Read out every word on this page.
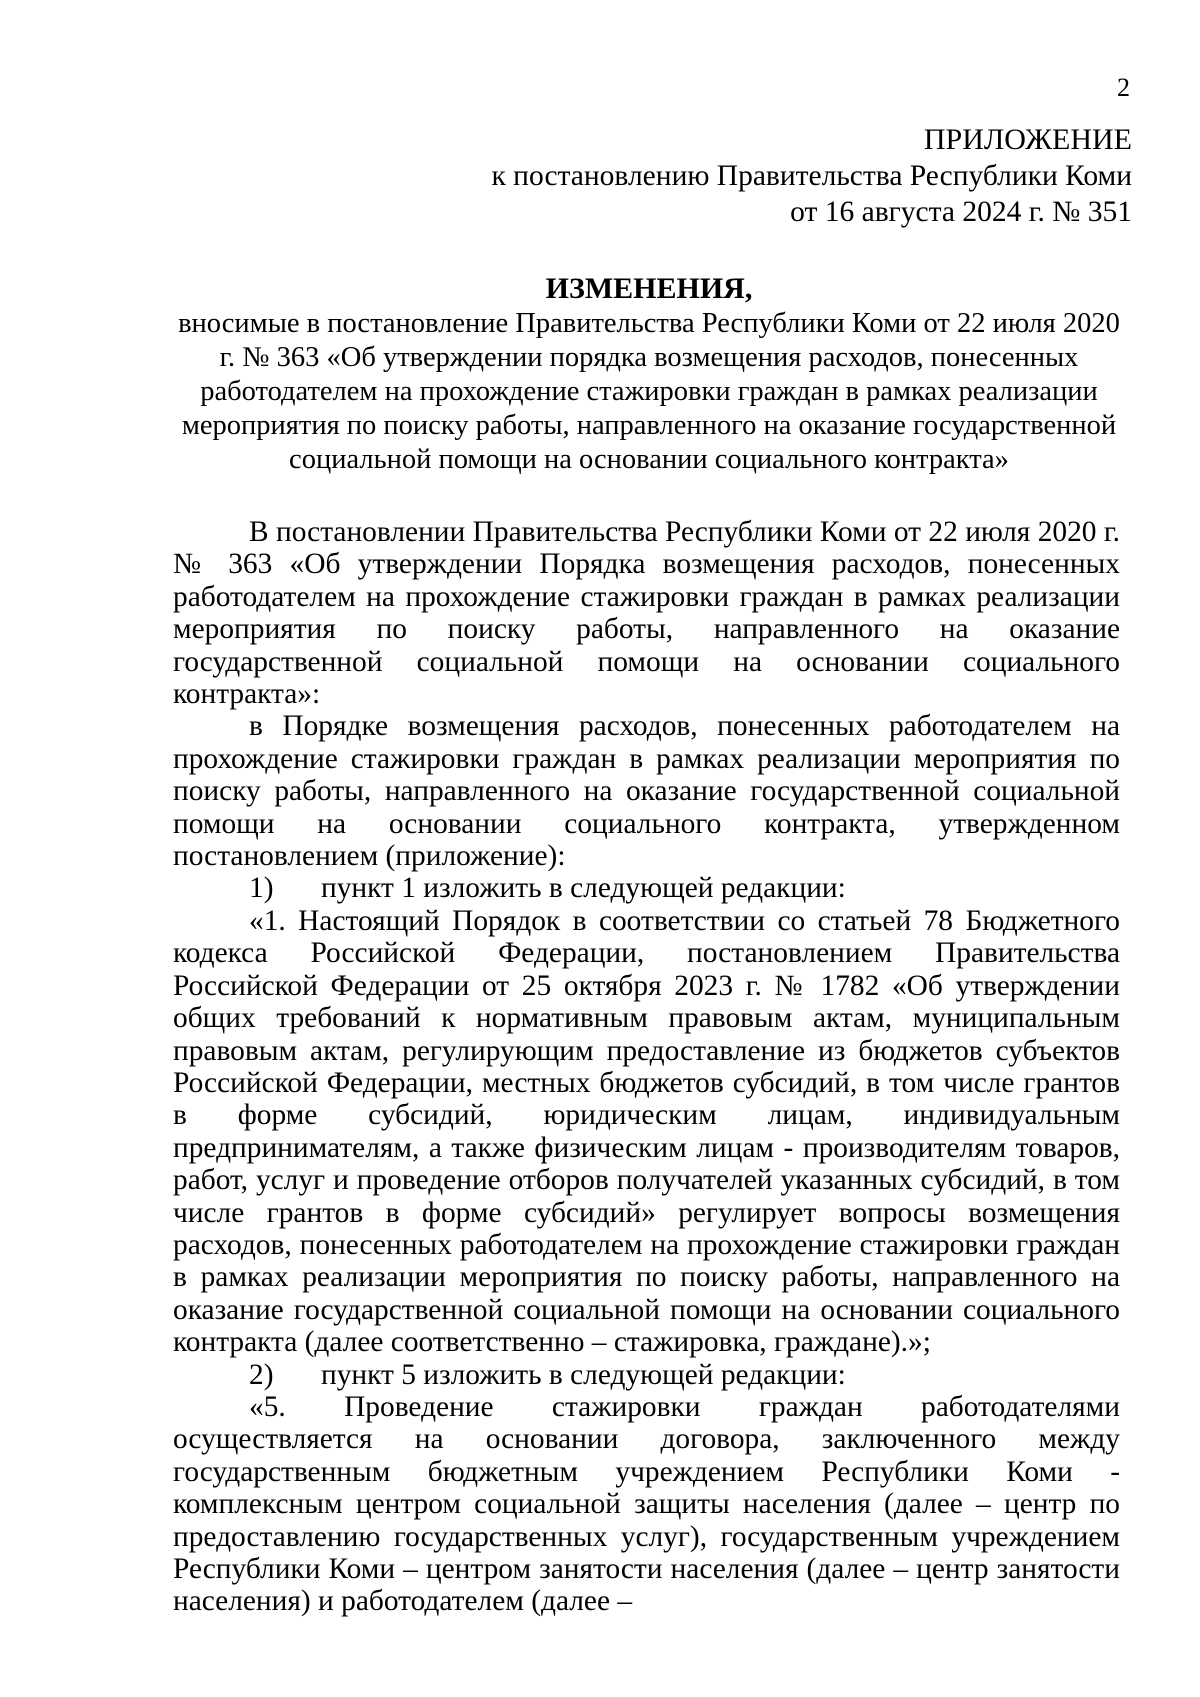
2
ПРИЛОЖЕНИЕ
к постановлению Правительства Республики Коми
от 16 августа 2024 г. № 351
ИЗМЕНЕНИЯ,
вносимые в постановление Правительства Республики Коми от 22 июля 2020 г. № 363 «Об утверждении порядка возмещения расходов, понесенных работодателем на прохождение стажировки граждан в рамках реализации мероприятия по поиску работы, направленного на оказание государственной социальной помощи на основании социального контракта»

В постановлении Правительства Республики Коми от 22 июля 2020 г. № 363 «Об утверждении Порядка возмещения расходов, понесенных работодателем на прохождение стажировки граждан в рамках реализации мероприятия по поиску работы, направленного на оказание государственной социальной помощи на основании социального контракта»:

в Порядке возмещения расходов, понесенных работодателем на прохождение стажировки граждан в рамках реализации мероприятия по поиску работы, направленного на оказание государственной социальной помощи на основании социального контракта, утвержденном постановлением (приложение):

1) пункт 1 изложить в следующей редакции:

«1. Настоящий Порядок в соответствии со статьей 78 Бюджетного кодекса Российской Федерации, постановлением Правительства Российской Федерации от 25 октября 2023 г. № 1782 «Об утверждении общих требований к нормативным правовым актам, муниципальным правовым актам, регулирующим предоставление из бюджетов субъектов Российской Федерации, местных бюджетов субсидий, в том числе грантов в форме субсидий, юридическим лицам, индивидуальным предпринимателям, а также физическим лицам - производителям товаров, работ, услуг и проведение отборов получателей указанных субсидий, в том числе грантов в форме субсидий» регулирует вопросы возмещения расходов, понесенных работодателем на прохождение стажировки граждан в рамках реализации мероприятия по поиску работы, направленного на оказание государственной социальной помощи на основании социального контракта (далее соответственно – стажировка, граждане).»;

2) пункт 5 изложить в следующей редакции:

«5. Проведение стажировки граждан работодателями осуществляется на основании договора, заключенного между государственным бюджетным учреждением Республики Коми - комплексным центром социальной защиты населения (далее – центр по предоставлению государственных услуг), государственным учреждением Республики Коми – центром занятости населения (далее – центр занятости населения) и работодателем (далее –
